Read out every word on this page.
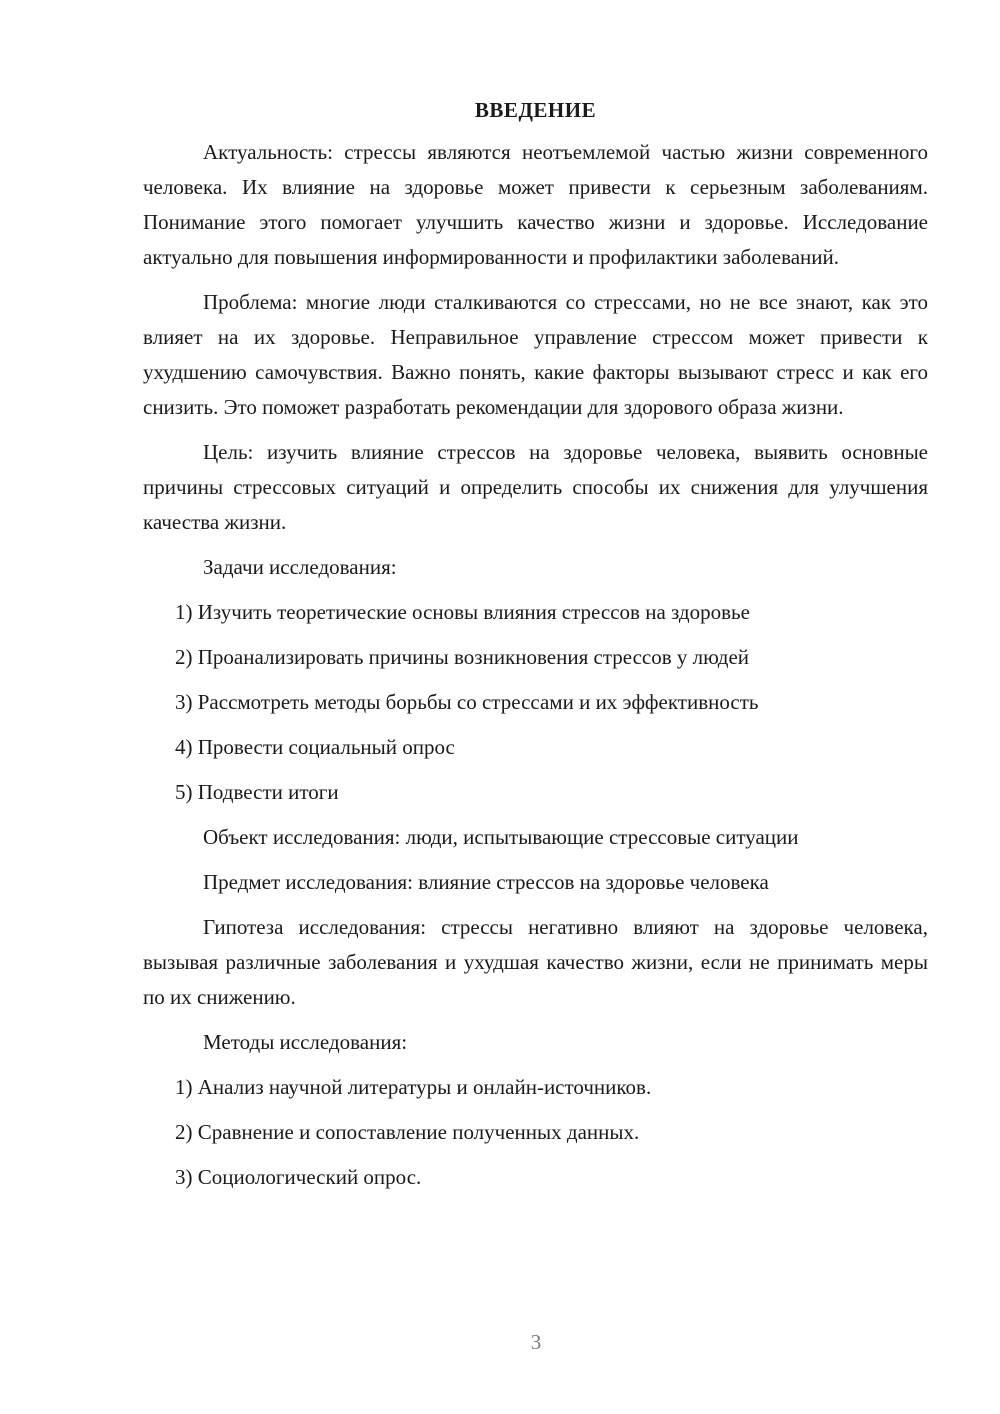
ВВЕДЕНИЕ

Актуальность: стрессы являются неотъемлемой частью жизни современного человека. Их влияние на здоровье может привести к серьезным заболеваниям. Понимание этого помогает улучшить качество жизни и здоровье. Исследование актуально для повышения информированности и профилактики заболеваний.

Проблема: многие люди сталкиваются со стрессами, но не все знают, как это влияет на их здоровье. Неправильное управление стрессом может привести к ухудшению самочувствия. Важно понять, какие факторы вызывают стресс и как его снизить. Это поможет разработать рекомендации для здорового образа жизни.

Цель: изучить влияние стрессов на здоровье человека, выявить основные причины стрессовых ситуаций и определить способы их снижения для улучшения качества жизни.

Задачи исследования:
1) Изучить теоретические основы влияния стрессов на здоровье
2) Проанализировать причины возникновения стрессов у людей
3) Рассмотреть методы борьбы со стрессами и их эффективность
4) Провести социальный опрос
5) Подвести итоги
Объект исследования: люди, испытывающие стрессовые ситуации
Предмет исследования: влияние стрессов на здоровье человека

Гипотеза исследования: стрессы негативно влияют на здоровье человека, вызывая различные заболевания и ухудшая качество жизни, если не принимать меры по их снижению.

Методы исследования:
1) Анализ научной литературы и онлайн-источников.
2) Сравнение и сопоставление полученных данных.
3) Социологический опрос.
3
